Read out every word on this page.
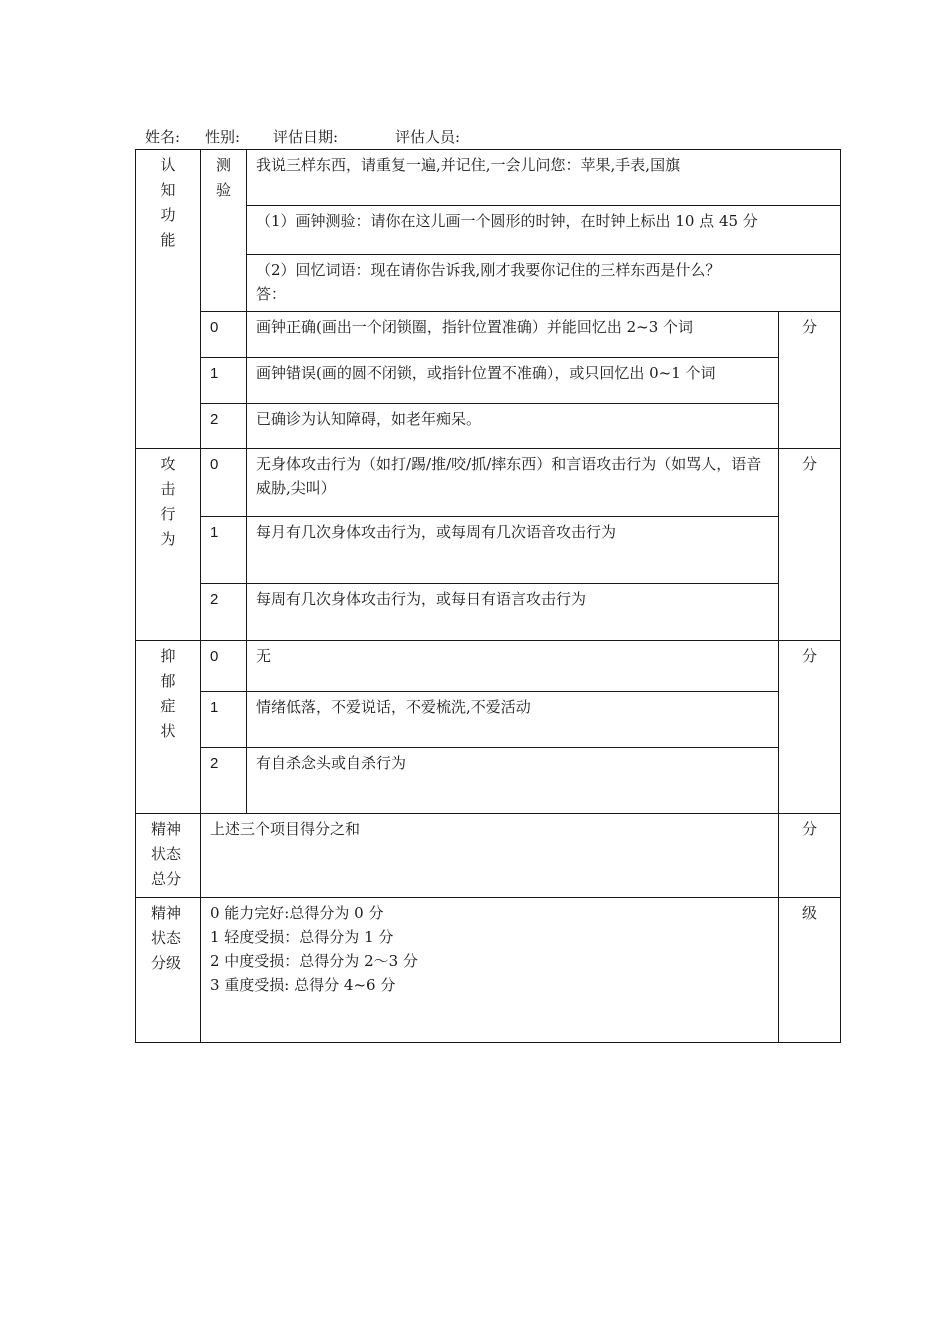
姓名: 性别: 评估日期:	评估人员:
认知功能	测验	我说三样东西，请重复一遍,并记住,一会儿问您：苹果,手表,国旗	
		（1）画钟测验：请你在这儿画一个圆形的时钟，在时钟上标出 10 点 45 分	

		（2）回忆词语：现在请你告诉我,刚才我要你记住的三样东西是什么？
答：	

	0	画钟正确(画出一个闭锁圈，指针位置准确）并能回忆出 2~3 个词	分
	1	画钟错误(画的圆不闭锁，或指针位置不准确），或只回忆出 0~1 个词	
	2	已确诊为认知障碍，如老年痴呆。	
攻击行为	0	无身体攻击行为（如打/踢/推/咬/抓/摔东西）和言语攻击行为（如骂人，语音威胁,尖叫）	分
	1	每月有几次身体攻击行为，或每周有几次语音攻击行为	
	2	每周有几次身体攻击行为，或每日有语言攻击行为	
抑郁症状	0	无	分
	1	情绪低落，不爱说话，不爱梳洗,不爱活动	
	2	有自杀念头或自杀行为	
精神状态总分	上述三个项目得分之和		分
精神状态分级	0 能力完好:总得分为 0 分
1 轻度受损：总得分为 1 分
2 中度受损：总得分为 2～3 分
3 重度受损: 总得分 4~6 分		级
